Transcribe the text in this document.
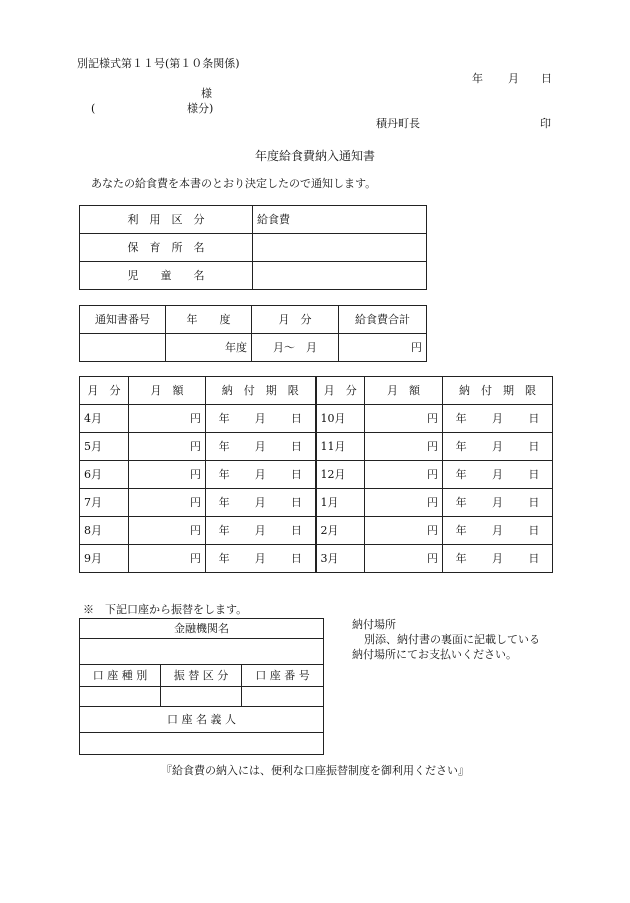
別記様式第１１号(第１０条関係)
年 月 日
様
(	様分)
積丹町長	印
年度給食費納入通知書
あなたの給食費を本書のとおり決定したので通知します。
利　用　区　分	給食費
保　育　所　名	
児　　童　　名	
通知書番号	年　　度	月　分	給食費合計
	年度	月～　月	円
月　分	月　額	納　付　期　限	月　分	月　額	納　付　期　限
4月	円	年 月 日	10月	円	年 月 日

5月	円	年 月 日	11月	円	年 月 日

6月	円	年 月 日	12月	円	年 月 日

7月	円	年 月 日	1月	円	年 月 日

8月	円	年 月 日	2月	円	年 月 日

9月	円	年 月 日	3月	円	年 月 日
※　下記口座から振替をします。
金融機関名		

口 座 種 別	振 替 区 分	口 座 番 号

口 座 名 義 人		

納付場所
別添、納付書の裏面に記載している
納付場所にてお支払いください。
『給食費の納入には、便利な口座振替制度を御利用ください』
